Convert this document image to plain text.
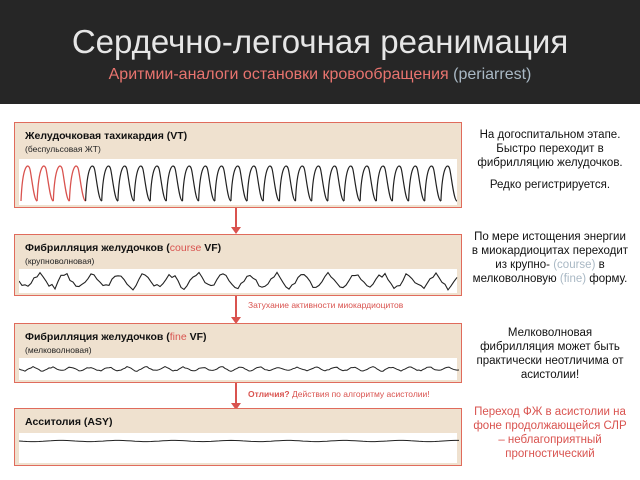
Сердечно-легочная реанимация
Аритмии-аналоги остановки кровообращения (periarrest)
Желудочковая тахикардия (VT)
(беспульсовая ЖТ)
Фибрилляция желудочков (course VF)
(крупноволновая)
Затухание активности миокардиоцитов
Фибрилляция желудочков (fine VF)
(мелковолновая)
Отличия? Действия по алгоритму асистолии!
Асситолия (ASY)
На догоспитальном этапе. Быстро переходит в фибрилляцию желудочков.
Редко регистрируется.
По мере истощения энергии в миокардиоцитах переходит из крупно- (course) в мелковолновую (fine) форму.
Мелковолновая фибрилляция может быть практически неотличима от асистолии!
Переход ФЖ в асистолии на фоне продолжающейся СЛР – неблагоприятный прогностический
